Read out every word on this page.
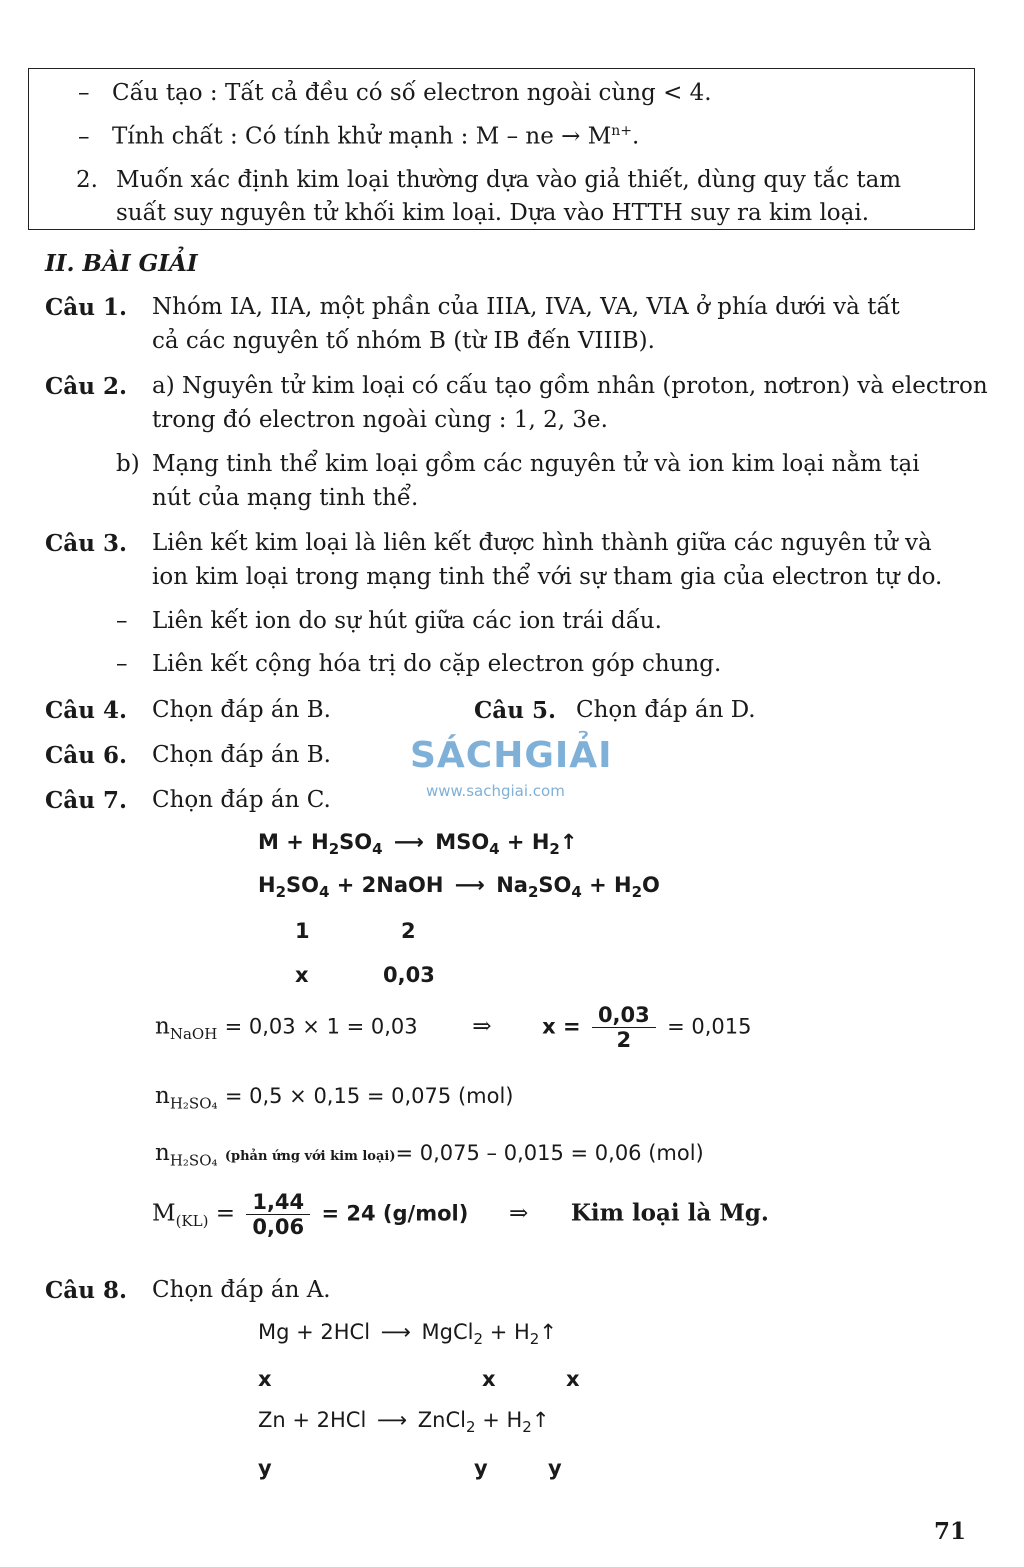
– Cấu tạo : Tất cả đều có số electron ngoài cùng < 4.
– Tính chất : Có tính khử mạnh : M – ne → $M^{n+}$.
2. Muốn xác định kim loại thường dựa vào giả thiết, dùng quy tắc tam
suất suy nguyên tử khối kim loại. Dựa vào HTTH suy ra kim loại.
II. BÀI GIẢI
Câu 1. Nhóm IA, IIA, một phần của IIIA, IVA, VA, VIA ở phía dưới và tất
cả các nguyên tố nhóm B (từ IB đến VIIIB).
Câu 2. a) Nguyên tử kim loại có cấu tạo gồm nhân (proton, nơtron) và electron
trong đó electron ngoài cùng : 1, 2, 3e.
b) Mạng tinh thể kim loại gồm các nguyên tử và ion kim loại nằm tại
nút của mạng tinh thể.
Câu 3. Liên kết kim loại là liên kết được hình thành giữa các nguyên tử và
ion kim loại trong mạng tinh thể với sự tham gia của electron tự do.
– Liên kết ion do sự hút giữa các ion trái dấu.
– Liên kết cộng hóa trị do cặp electron góp chung.
Câu 4. Chọn đáp án B.	Câu 5. Chọn đáp án D.
Câu 6. Chọn đáp án B. SÁCHGIẢI
www.sachgiai.com
Câu 7. Chọn đáp án C.
$M + H_2SO_4$ ⟶ $MSO_4$ + $H_2↑$
$H_2SO_4$ + 2NaOH ⟶ $Na_2SO_4 + H_2O$
1	2
x	0,03
$n_{NaOH} = 0,03 \times 1 = 0,03$ ⇒ $x = \frac{0,03}{2} = 0,015$
$n_{H_2SO_4} = 0,5 \times 0,15 = 0,075$ (mol)
$n_{H_2SO_4}$ (phản ứng với kim loại)= 0,075 – 0,015 = 0,06 (mol)
$M_{(KL)} = \frac{1,44}{0,06} = 24$ (g/mol) ⇒ Kim loại là Mg.
Câu 8. Chọn đáp án A.
Mg + 2HCl ⟶ MgCl$_2$ + $H_2↑$
x	x	x
Zn + 2HCl ⟶ ZnCl$_2$ + $H_2↑$
y	y	y
71
